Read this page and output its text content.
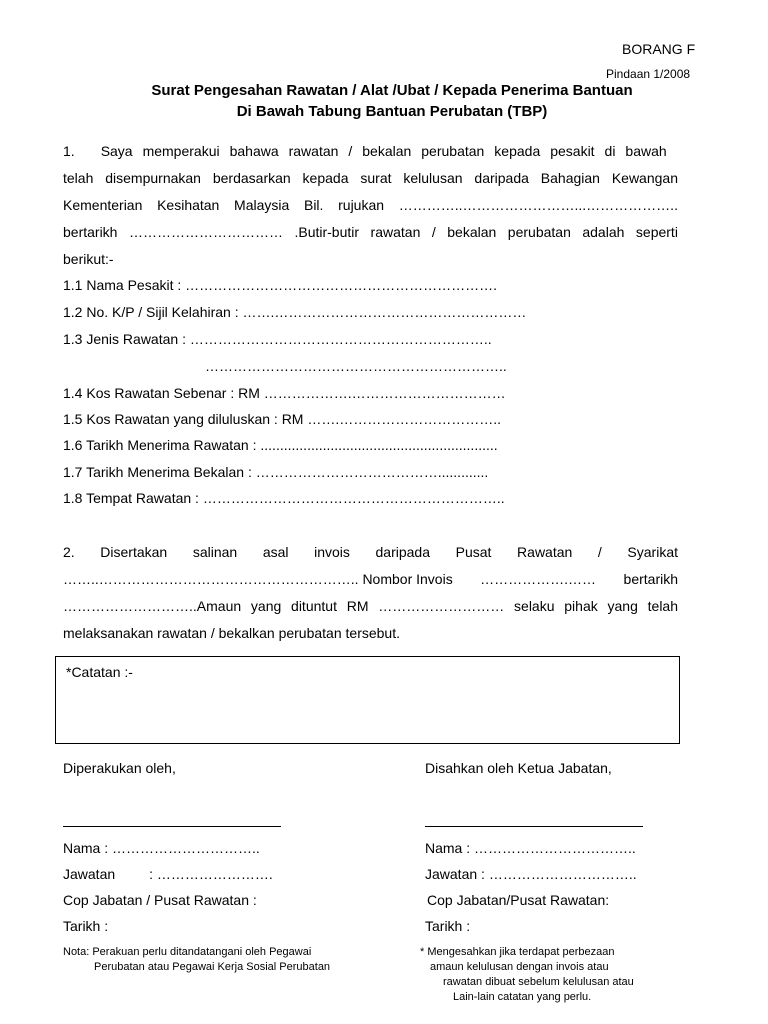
BORANG F
Pindaan 1/2008
Surat Pengesahan Rawatan / Alat /Ubat / Kepada Penerima Bantuan
Di Bawah Tabung Bantuan Perubatan (TBP)
1. Saya memperakui bahawa rawatan / bekalan perubatan kepada pesakit di bawah
telah disempurnakan berdasarkan kepada surat kelulusan daripada Bahagian Kewangan
Kementerian Kesihatan Malaysia Bil. rujukan …………..……………………...………………..
bertarikh …………………………… .Butir-butir rawatan / bekalan perubatan adalah seperti
berikut:-
1.1 Nama Pesakit : ………………………………………………………….
1.2 No. K/P / Sijil Kelahiran : …….………………………………………………
1.3 Jenis Rawatan : ………………………………………………………..
………………………………………………………..
1.4 Kos Rawatan Sebenar : RM ……………….……………………………
1.5 Kos Rawatan yang diluluskan : RM …….……………………………..
1.6 Tarikh Menerima Rawatan : .............................................................
1.7 Tarikh Menerima Bekalan : ………………………………….............
1.8 Tempat Rawatan : ………………………………………………………..
2. Disertakan salinan asal invois daripada Pusat Rawatan / Syarikat
……..……………………………………………….. Nombor Invois ……………….…… bertarikh
………………………..Amaun yang dituntut RM ……………………… selaku pihak yang telah
melaksanakan rawatan / bekalkan perubatan tersebut.
*Catatan :-
Diperakukan oleh,	Disahkan oleh Ketua Jabatan,
Nama : …………………………..	Nama : ……………………………..
Jawatan : …………………….	Jawatan : …………………………..
Cop Jabatan / Pusat Rawatan :	Cop Jabatan/Pusat Rawatan:
Tarikh :	Tarikh :
Nota: Perakuan perlu ditandatangani oleh Pegawai
Perubatan atau Pegawai Kerja Sosial Perubatan
* Mengesahkan jika terdapat perbezaan
amaun kelulusan dengan invois atau
rawatan dibuat sebelum kelulusan atau
Lain-lain catatan yang perlu.
